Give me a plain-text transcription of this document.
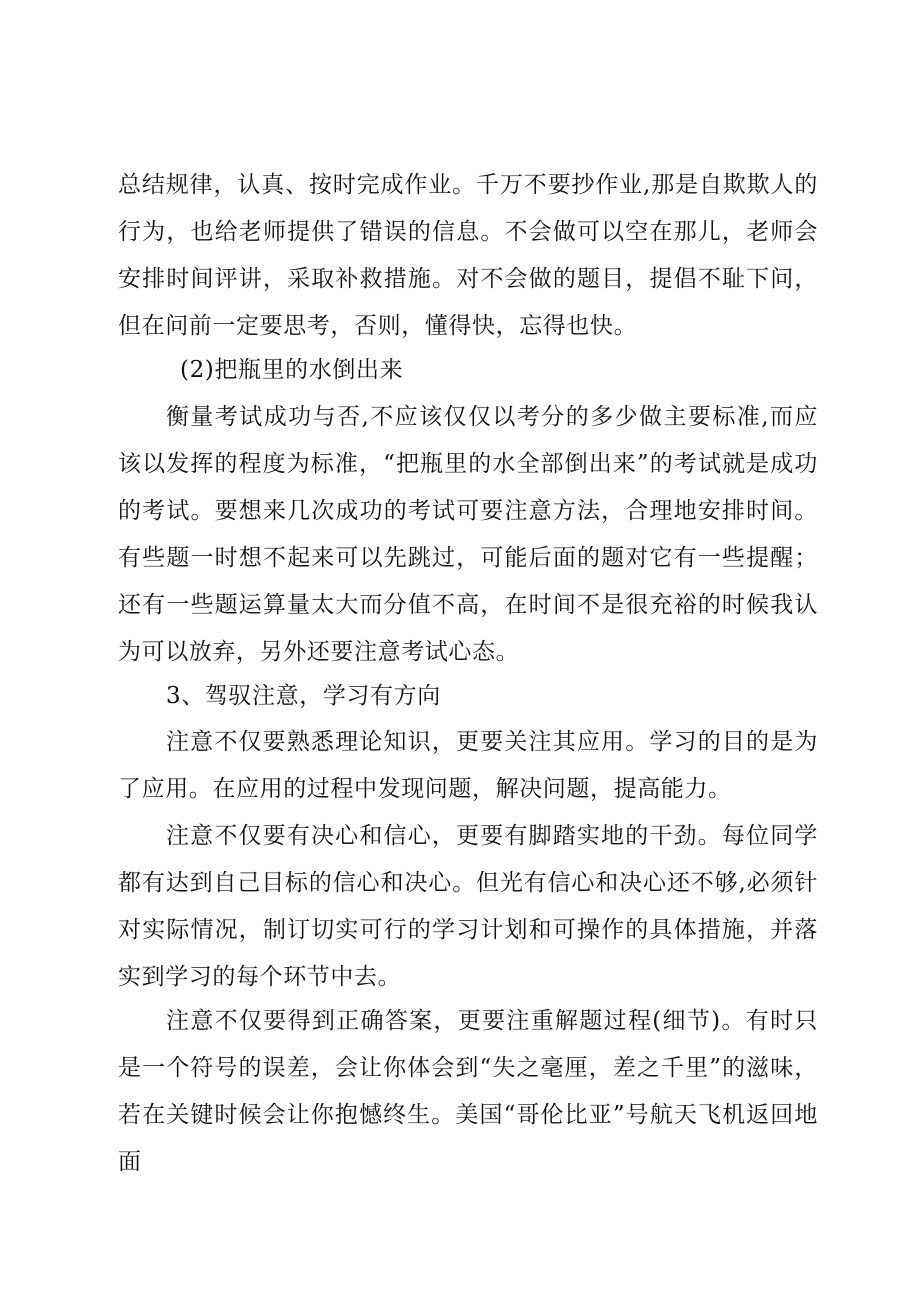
总结规律，认真、按时完成作业。千万不要抄作业,那是自欺欺人的行为，也给老师提供了错误的信息。不会做可以空在那儿，老师会安排时间评讲，采取补救措施。对不会做的题目，提倡不耻下问，但在问前一定要思考，否则，懂得快，忘得也快。

(2)把瓶里的水倒出来

衡量考试成功与否,不应该仅仅以考分的多少做主要标准,而应该以发挥的程度为标准，“把瓶里的水全部倒出来”的考试就是成功的考试。要想来几次成功的考试可要注意方法，合理地安排时间。有些题一时想不起来可以先跳过，可能后面的题对它有一些提醒；还有一些题运算量太大而分值不高，在时间不是很充裕的时候我认为可以放弃，另外还要注意考试心态。

3、驾驭注意，学习有方向

注意不仅要熟悉理论知识，更要关注其应用。学习的目的是为了应用。在应用的过程中发现问题，解决问题，提高能力。

注意不仅要有决心和信心，更要有脚踏实地的干劲。每位同学都有达到自己目标的信心和决心。但光有信心和决心还不够,必须针对实际情况，制订切实可行的学习计划和可操作的具体措施，并落实到学习的每个环节中去。

注意不仅要得到正确答案，更要注重解题过程(细节)。有时只是一个符号的误差，会让你体会到“失之毫厘，差之千里”的滋味，若在关键时候会让你抱憾终生。美国“哥伦比亚”号航天飞机返回地面
